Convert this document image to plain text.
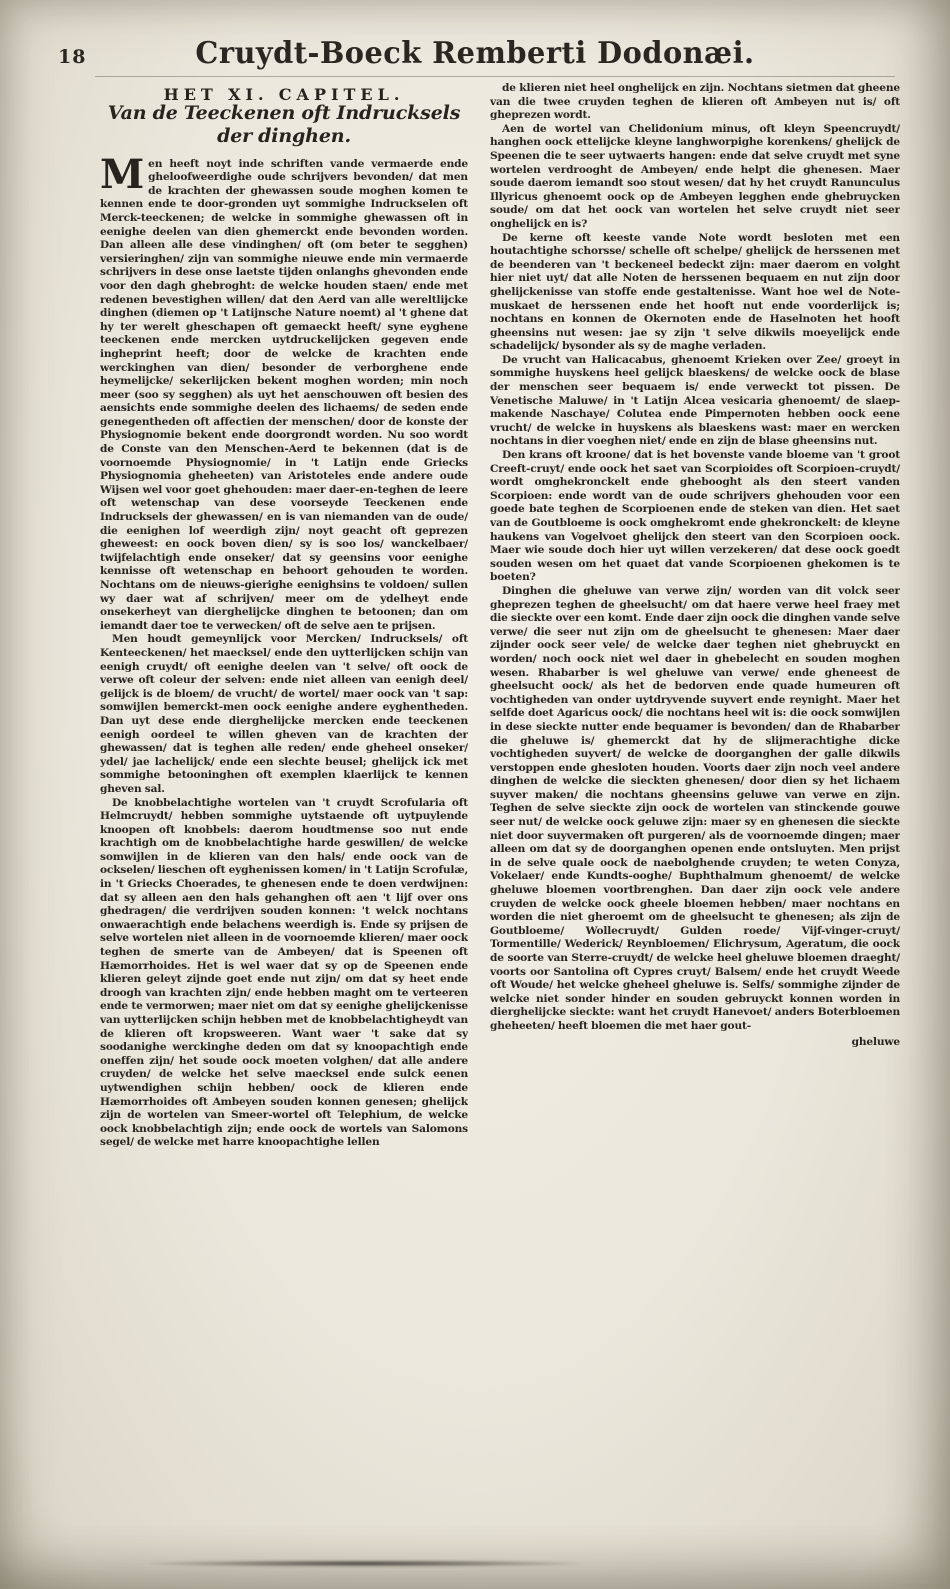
18	Cruydt-Boeck Remberti Dodonæi.
HET XI. CAPITEL.
Van de Teeckenen oft Indrucksels
der dinghen.

Men heeft noyt inde schriften vande vermaerde ende gheloofweerdighe oude schrijvers bevonden/ dat men de krachten der ghewassen soude moghen komen te kennen ende te door-gronden uyt sommighe Indruckselen oft Merck-teeckenen; de welcke in sommighe ghewassen oft in eenighe deelen van dien ghemerckt ende bevonden worden. Dan alleen alle dese vindinghen/ oft (om beter te segghen) versieringhen/ zijn van sommighe nieuwe ende min vermaerde schrijvers in dese onse laetste tijden onlanghs ghevonden ende voor den dagh ghebroght: de welcke houden staen/ ende met redenen bevestighen willen/ dat den Aerd van alle wereltlijcke dinghen (diemen op 't Latijnsche Nature noemt) al 't ghene dat hy ter werelt gheschapen oft gemaeckt heeft/ syne eyghene teeckenen ende mercken uytdruckelijcken gegeven ende ingheprint heeft; door de welcke de krachten ende werckinghen van dien/ besonder de verborghene ende heymelijcke/ sekerlijcken bekent moghen worden; min noch meer (soo sy segghen) als uyt het aenschouwen oft besien des aensichts ende sommighe deelen des lichaems/ de seden ende genegentheden oft affectien der menschen/ door de konste der Physiognomie bekent ende doorgrondt worden. Nu soo wordt de Conste van den Menschen-Aerd te bekennen (dat is de voornoemde Physiognomie/ in 't Latijn ende Griecks Physiognomia gheheeten) van Aristoteles ende andere oude Wijsen wel voor goet ghehouden: maer daer-en-teghen de leere oft wetenschap van dese voorseyde Teeckenen ende Indrucksels der ghewassen/ en is van niemanden van de oude/ die eenighen lof weerdigh zijn/ noyt geacht oft geprezen gheweest: en oock boven dien/ sy is soo los/ wanckelbaer/ twijfelachtigh ende onseker/ dat sy geensins voor eenighe kennisse oft wetenschap en behoort gehouden te worden. Nochtans om de nieuws-gierighe eenighsins te voldoen/ sullen wy daer wat af schrijven/ meer om de ydelheyt ende onsekerheyt van dierghelijcke dinghen te betoonen; dan om iemandt daer toe te verwecken/ oft de selve aen te prijsen.

Men houdt gemeynlijck voor Mercken/ Indrucksels/ oft Kenteeckenen/ het maecksel/ ende den uytterlijcken schijn van eenigh cruydt/ oft eenighe deelen van 't selve/ oft oock de verwe oft coleur der selven: ende niet alleen van eenigh deel/ gelijck is de bloem/ de vrucht/ de wortel/ maer oock van 't sap: somwijlen bemerckt-men oock eenighe andere eyghentheden. Dan uyt dese ende dierghelijcke mercken ende teeckenen eenigh oordeel te willen gheven van de krachten der ghewassen/ dat is teghen alle reden/ ende gheheel onseker/ ydel/ jae lachelijck/ ende een slechte beusel; ghelijck ick met sommighe betooninghen oft exemplen klaerlijck te kennen gheven sal.

De knobbelachtighe wortelen van 't cruydt Scrofularia oft Helmcruydt/ hebben sommighe uytstaende oft uytpuylende knoopen oft knobbels: daerom houdtmense soo nut ende krachtigh om de knobbelachtighe harde geswillen/ de welcke somwijlen in de klieren van den hals/ ende oock van de ockselen/ lieschen oft eyghenissen komen/ in 't Latijn Scrofulæ, in 't Griecks Choerades, te ghenesen ende te doen verdwijnen: dat sy alleen aen den hals gehanghen oft aen 't lijf over ons ghedragen/ die verdrijven souden konnen: 't welck nochtans onwaerachtigh ende belachens weerdigh is. Ende sy prijsen de selve wortelen niet alleen in de voornoemde klieren/ maer oock teghen de smerte van de Ambeyen/ dat is Speenen oft Hæmorrhoides. Het is wel waer dat sy op de Speenen ende klieren geleyt zijnde goet ende nut zijn/ om dat sy heet ende droogh van krachten zijn/ ende hebben maght om te verteeren ende te vermorwen; maer niet om dat sy eenighe ghelijckenisse van uytterlijcken schijn hebben met de knobbelachtigheydt van de klieren oft kropsweeren. Want waer 't sake dat sy soodanighe werckinghe deden om dat sy knoopachtigh ende oneffen zijn/ het soude oock moeten volghen/ dat alle andere cruyden/ de welcke het selve maecksel ende sulck eenen uytwendighen schijn hebben/ oock de klieren ende Hæmorrhoides oft Ambeyen souden konnen genesen; ghelijck zijn de wortelen van Smeer-wortel oft Telephium, de welcke oock knobbelachtigh zijn; ende oock de wortels van Salomons segel/ de welcke met harre knoopachtighe lellen

de klieren niet heel onghelijck en zijn. Nochtans sietmen dat gheene van die twee cruyden teghen de klieren oft Ambeyen nut is/ oft gheprezen wordt.

Aen de wortel van Chelidonium minus, oft kleyn Speencruydt/ hanghen oock ettelijcke kleyne langhworpighe korenkens/ ghelijck de Speenen die te seer uytwaerts hangen: ende dat selve cruydt met syne wortelen verdrooght de Ambeyen/ ende helpt die ghenesen. Maer soude daerom iemandt soo stout wesen/ dat hy het cruydt Ranunculus Illyricus ghenoemt oock op de Ambeyen legghen ende ghebruycken soude/ om dat het oock van wortelen het selve cruydt niet seer onghelijck en is?

De kerne oft keeste vande Note wordt besloten met een houtachtighe schorsse/ schelle oft schelpe/ ghelijck de herssenen met de beenderen van 't beckeneel bedeckt zijn: maer daerom en volght hier niet uyt/ dat alle Noten de herssenen bequaem en nut zijn door ghelijckenisse van stoffe ende gestaltenisse. Want hoe wel de Note-muskaet de herssenen ende het hooft nut ende voorderlijck is; nochtans en konnen de Okernoten ende de Haselnoten het hooft gheensins nut wesen: jae sy zijn 't selve dikwils moeyelijck ende schadelijck/ bysonder als sy de maghe verladen.

De vrucht van Halicacabus, ghenoemt Krieken over Zee/ groeyt in sommighe huyskens heel gelijck blaeskens/ de welcke oock de blase der menschen seer bequaem is/ ende verweckt tot pissen. De Venetische Maluwe/ in 't Latijn Alcea vesicaria ghenoemt/ de slaep-makende Naschaye/ Colutea ende Pimpernoten hebben oock eene vrucht/ de welcke in huyskens als blaeskens wast: maer en wercken nochtans in dier voeghen niet/ ende en zijn de blase gheensins nut.

Den krans oft kroone/ dat is het bovenste vande bloeme van 't groot Creeft-cruyt/ ende oock het saet van Scorpioides oft Scorpioen-cruydt/ wordt omghekronckelt ende ghebooght als den steert vanden Scorpioen: ende wordt van de oude schrijvers ghehouden voor een goede bate teghen de Scorpioenen ende de steken van dien. Het saet van de Goutbloeme is oock omghekromt ende ghekronckelt: de kleyne haukens van Vogelvoet ghelijck den steert van den Scorpioen oock. Maer wie soude doch hier uyt willen verzekeren/ dat dese oock goedt souden wesen om het quaet dat vande Scorpioenen ghekomen is te boeten?

Dinghen die gheluwe van verwe zijn/ worden van dit volck seer gheprezen teghen de gheelsucht/ om dat haere verwe heel fraey met die sieckte over een komt. Ende daer zijn oock die dinghen vande selve verwe/ die seer nut zijn om de gheelsucht te ghenesen: Maer daer zijnder oock seer vele/ de welcke daer teghen niet ghebruyckt en worden/ noch oock niet wel daer in ghebelecht en souden moghen wesen. Rhabarber is wel gheluwe van verwe/ ende gheneest de gheelsucht oock/ als het de bedorven ende quade humeuren oft vochtigheden van onder uytdryvende suyvert ende reynight. Maer het selfde doet Agaricus oock/ die nochtans heel wit is: die oock somwijlen in dese sieckte nutter ende bequamer is bevonden/ dan de Rhabarber die gheluwe is/ ghemerckt dat hy de slijmerachtighe dicke vochtigheden suyvert/ de welcke de doorganghen der galle dikwils verstoppen ende ghesloten houden. Voorts daer zijn noch veel andere dinghen de welcke die sieckten ghenesen/ door dien sy het lichaem suyver maken/ die nochtans gheensins geluwe van verwe en zijn. Teghen de selve sieckte zijn oock de wortelen van stinckende gouwe seer nut/ de welcke oock geluwe zijn: maer sy en ghenesen die sieckte niet door suyvermaken oft purgeren/ als de voornoemde dingen; maer alleen om dat sy de doorganghen openen ende ontsluyten. Men prijst in de selve quale oock de naebolghende cruyden; te weten Conyza, Vokelaer/ ende Kundts-ooghe/ Buphthalmum ghenoemt/ de welcke gheluwe bloemen voortbrenghen. Dan daer zijn oock vele andere cruyden de welcke oock gheele bloemen hebben/ maer nochtans en worden die niet gheroemt om de gheelsucht te ghenesen; als zijn de Goutbloeme/ Wollecruydt/ Gulden roede/ Vijf-vinger-cruyt/ Tormentille/ Wederick/ Reynbloemen/ Elichrysum, Ageratum, die oock de soorte van Sterre-cruydt/ de welcke heel gheluwe bloemen draeght/ voorts oor Santolina oft Cypres cruyt/ Balsem/ ende het cruydt Weede oft Woude/ het welcke gheheel gheluwe is. Selfs/ sommighe zijnder de welcke niet sonder hinder en souden gebruyckt konnen worden in dierghelijcke sieckte: want het cruydt Hanevoet/ anders Boterbloemen gheheeten/ heeft bloemen die met haer gout-

gheluwe
